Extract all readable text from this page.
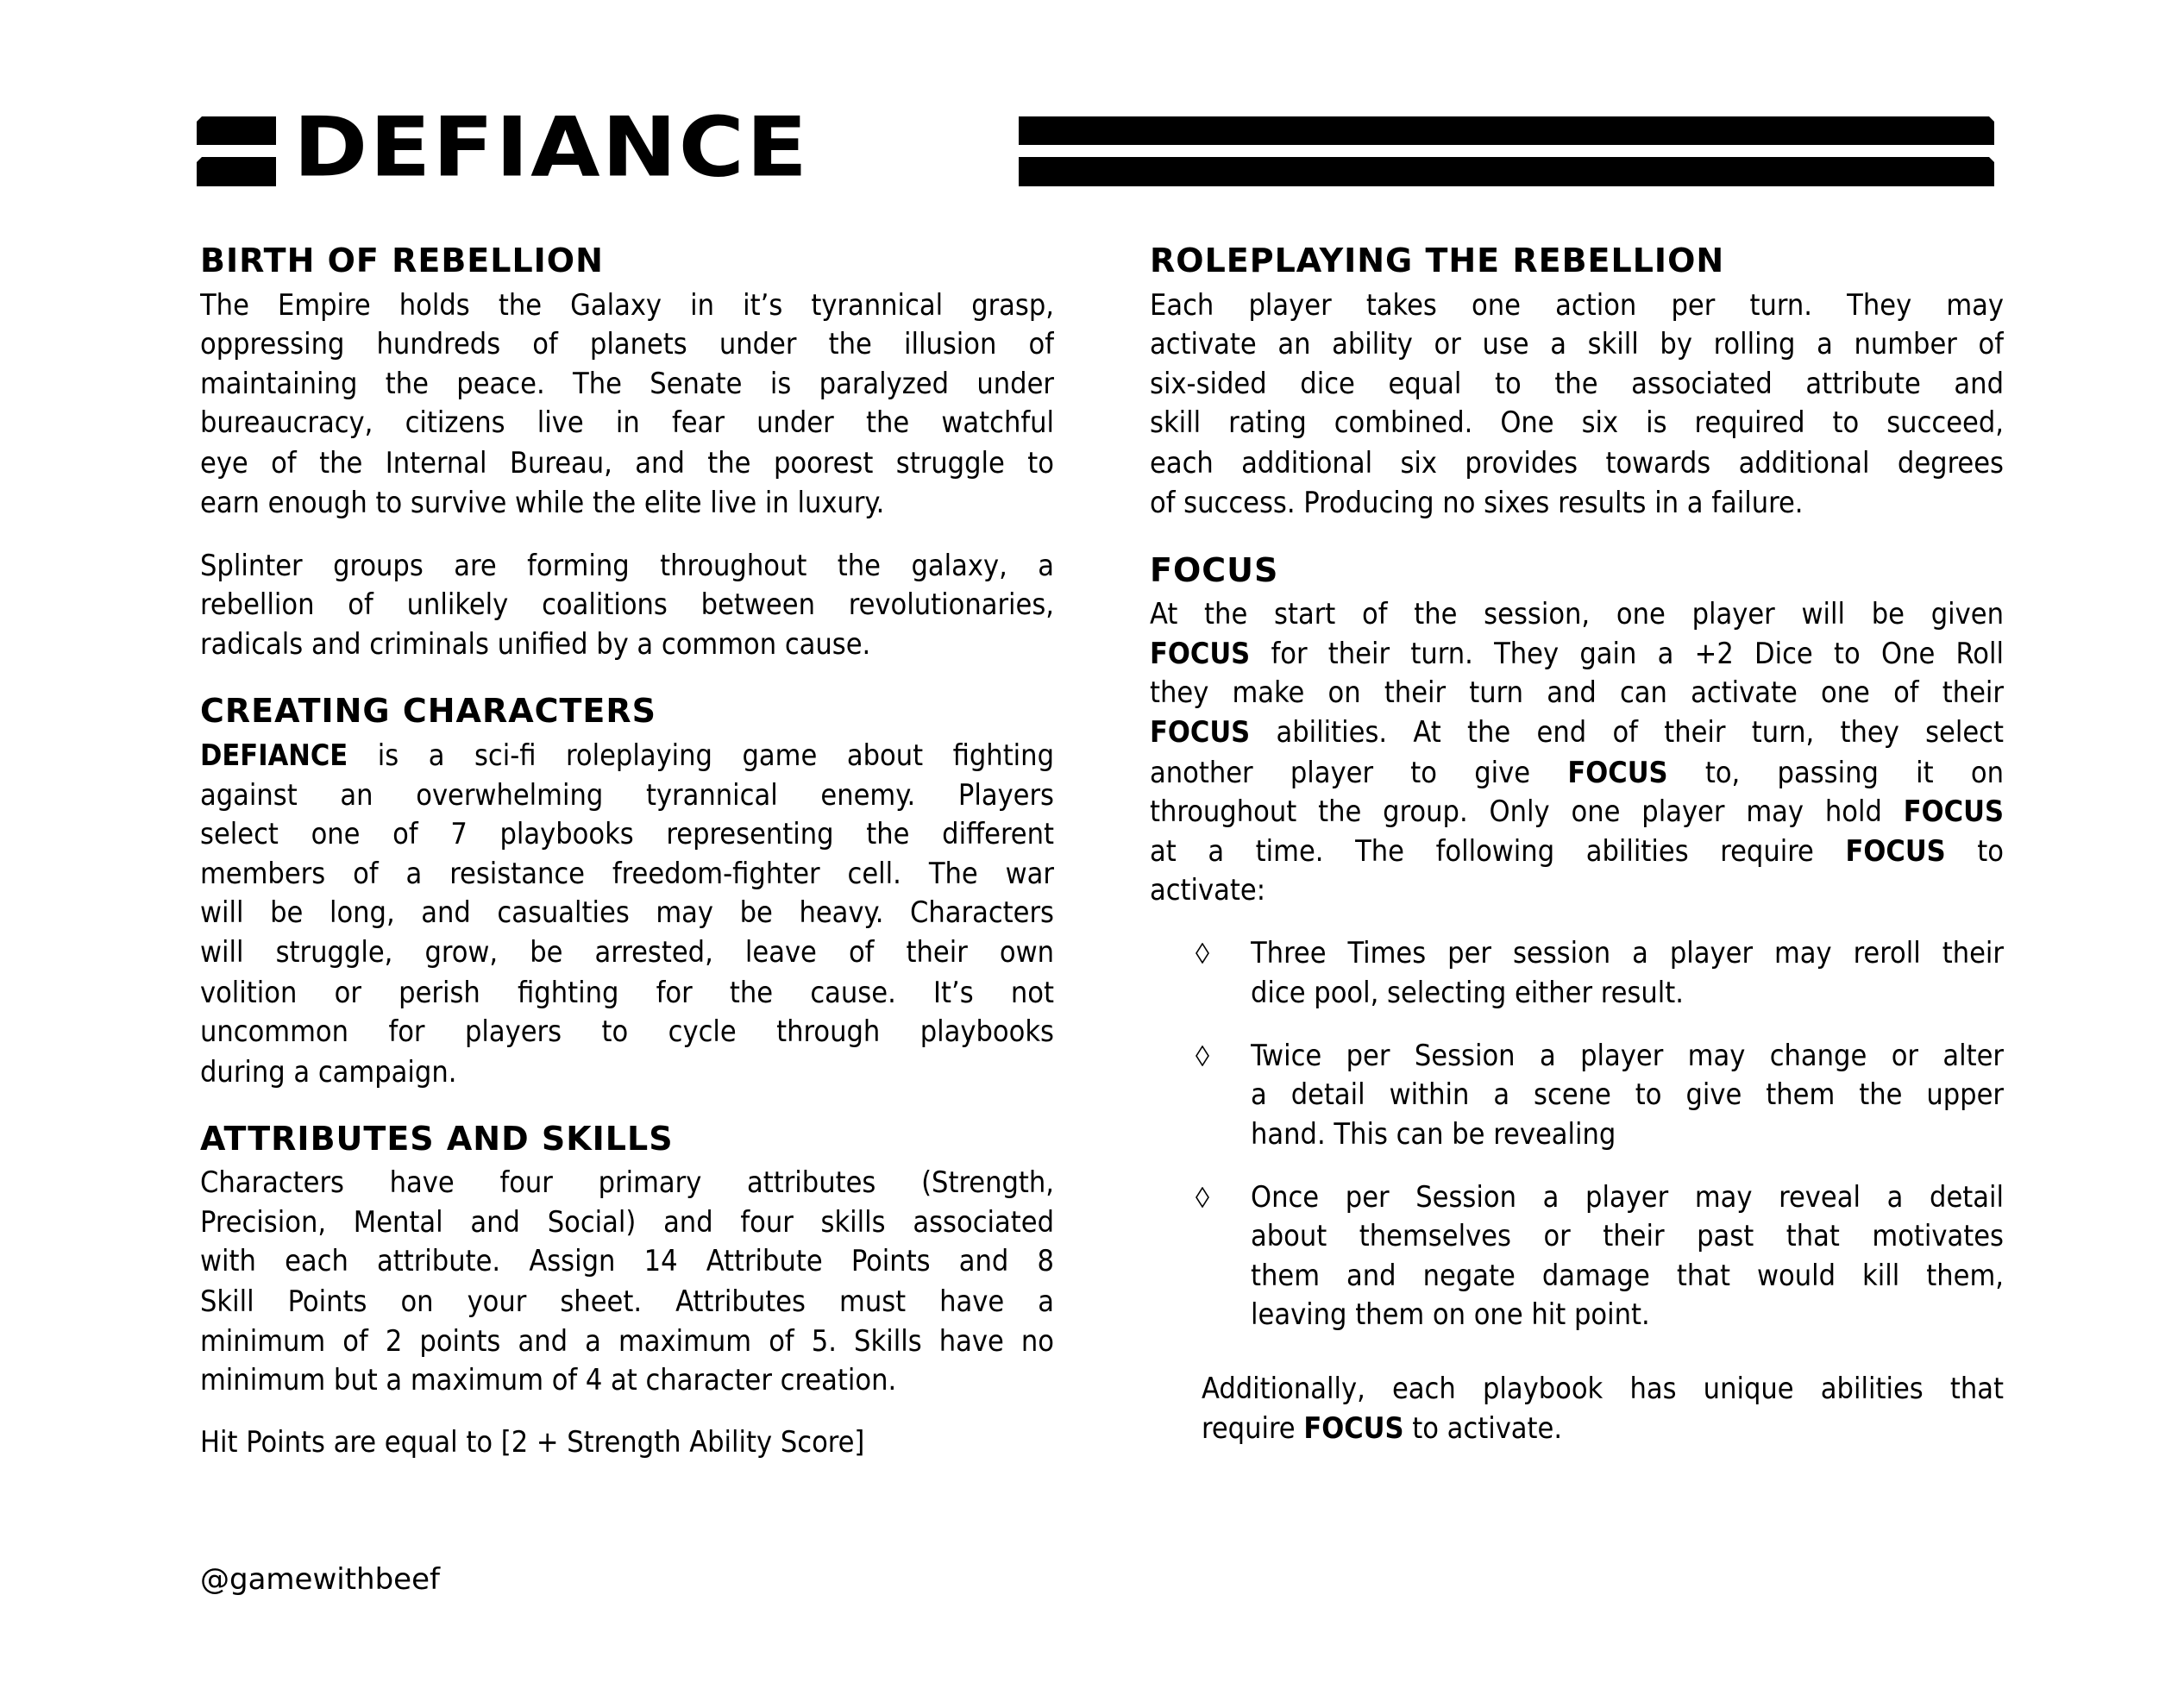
DEFIANCE
BIRTH OF REBELLION
The Empire holds the Galaxy in it’s tyrannical grasp,
oppressing hundreds of planets under the illusion of
maintaining the peace. The Senate is paralyzed under
bureaucracy, citizens live in fear under the watchful
eye of the Internal Bureau, and the poorest struggle to
earn enough to survive while the elite live in luxury.
Splinter groups are forming throughout the galaxy, a
rebellion of unlikely coalitions between revolutionaries,
radicals and criminals unified by a common cause.
CREATING CHARACTERS
DEFIANCE is a sci-fi roleplaying game about fighting
against an overwhelming tyrannical enemy. Players
select one of 7 playbooks representing the different
members of a resistance freedom-fighter cell. The war
will be long, and casualties may be heavy. Characters
will struggle, grow, be arrested, leave of their own
volition or perish fighting for the cause. It’s not
uncommon for players to cycle through playbooks
during a campaign.
ATTRIBUTES AND SKILLS
Characters have four primary attributes (Strength,
Precision, Mental and Social) and four skills associated
with each attribute. Assign 14 Attribute Points and 8
Skill Points on your sheet. Attributes must have a
minimum of 2 points and a maximum of 5. Skills have no
minimum but a maximum of 4 at character creation.
Hit Points are equal to [2 + Strength Ability Score]
ROLEPLAYING THE REBELLION
Each player takes one action per turn. They may
activate an ability or use a skill by rolling a number of
six-sided dice equal to the associated attribute and
skill rating combined. One six is required to succeed,
each additional six provides towards additional degrees
of success. Producing no sixes results in a failure.
FOCUS
At the start of the session, one player will be given
FOCUS for their turn. They gain a +2 Dice to One Roll
they make on their turn and can activate one of their
FOCUS abilities. At the end of their turn, they select
another player to give FOCUS to, passing it on
throughout the group. Only one player may hold FOCUS
at a time. The following abilities require FOCUS to
activate:
Three Times per session a player may reroll their
dice pool, selecting either result.
Twice per Session a player may change or alter
a detail within a scene to give them the upper
hand. This can be revealing
Once per Session a player may reveal a detail
about themselves or their past that motivates
them and negate damage that would kill them,
leaving them on one hit point.
Additionally, each playbook has unique abilities that
require FOCUS to activate.
@gamewithbeef
